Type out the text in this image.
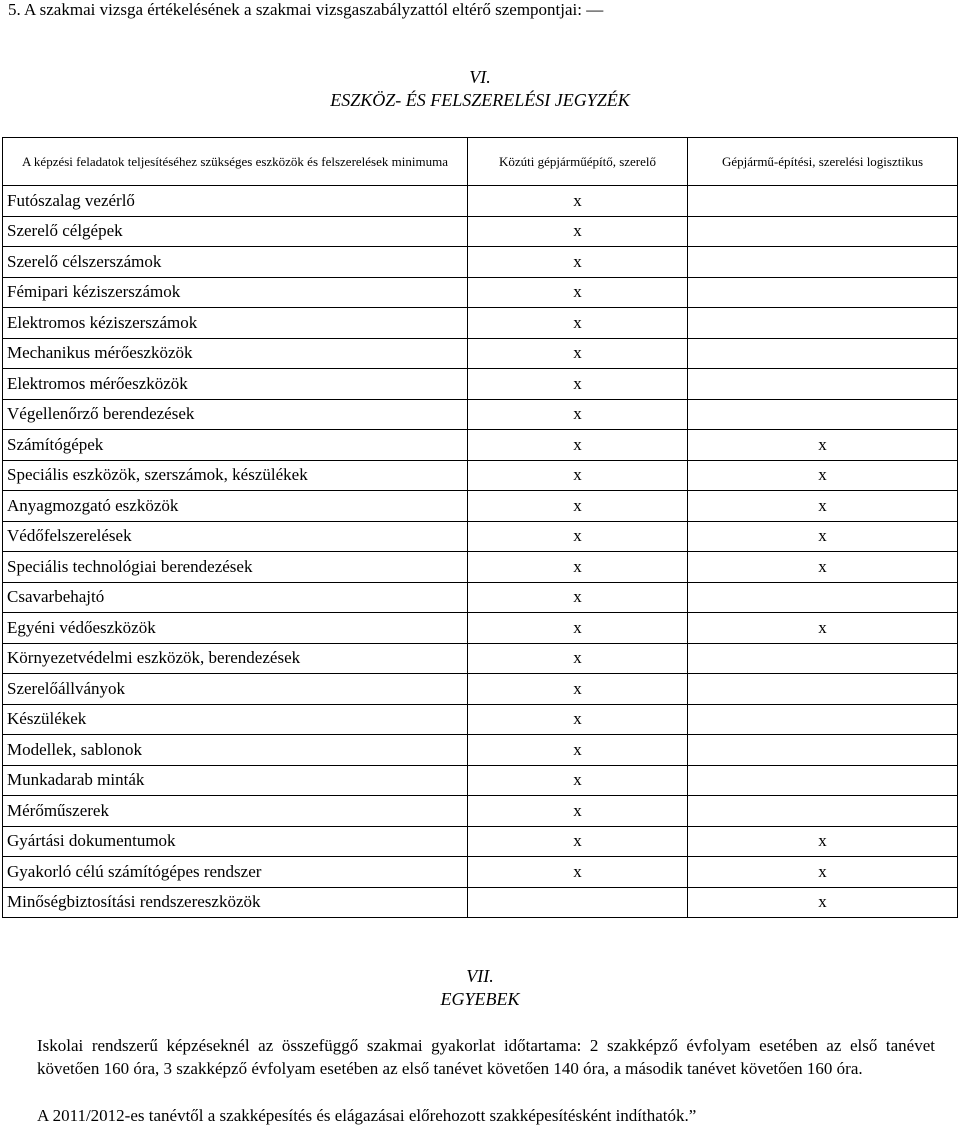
5. A szakmai vizsga értékelésének a szakmai vizsgaszabályzattól eltérő szempontjai: —
VI.
ESZKÖZ- ÉS FELSZERELÉSI JEGYZÉK
A képzési feladatok teljesítéséhez szükséges eszközök és felszerelések minimuma	Közúti gépjárműépítő, szerelő	Gépjármű-építési, szerelési logisztikus
Futószalag vezérlő	x	
Szerelő célgépek	x	
Szerelő célszerszámok	x	
Fémipari kéziszerszámok	x	
Elektromos kéziszerszámok	x	
Mechanikus mérőeszközök	x	
Elektromos mérőeszközök	x	
Végellenőrző berendezések	x	
Számítógépek	x	x
Speciális eszközök, szerszámok, készülékek	x	x
Anyagmozgató eszközök	x	x
Védőfelszerelések	x	x
Speciális technológiai berendezések	x	x
Csavarbehajtó	x	
Egyéni védőeszközök	x	x
Környezetvédelmi eszközök, berendezések	x	
Szerelőállványok	x	
Készülékek	x	
Modellek, sablonok	x	
Munkadarab minták	x	
Mérőműszerek	x	
Gyártási dokumentumok	x	x
Gyakorló célú számítógépes rendszer	x	x
Minőségbiztosítási rendszereszközök		x
VII.
EGYEBEK
Iskolai rendszerű képzéseknél az összefüggő szakmai gyakorlat időtartama: 2 szakképző évfolyam esetében az első tanévet követően 160 óra, 3 szakképző évfolyam esetében az első tanévet követően 140 óra, a második tanévet követően 160 óra.
A 2011/2012-es tanévtől a szakképesítés és elágazásai előrehozott szakképesítésként indíthatók.”
